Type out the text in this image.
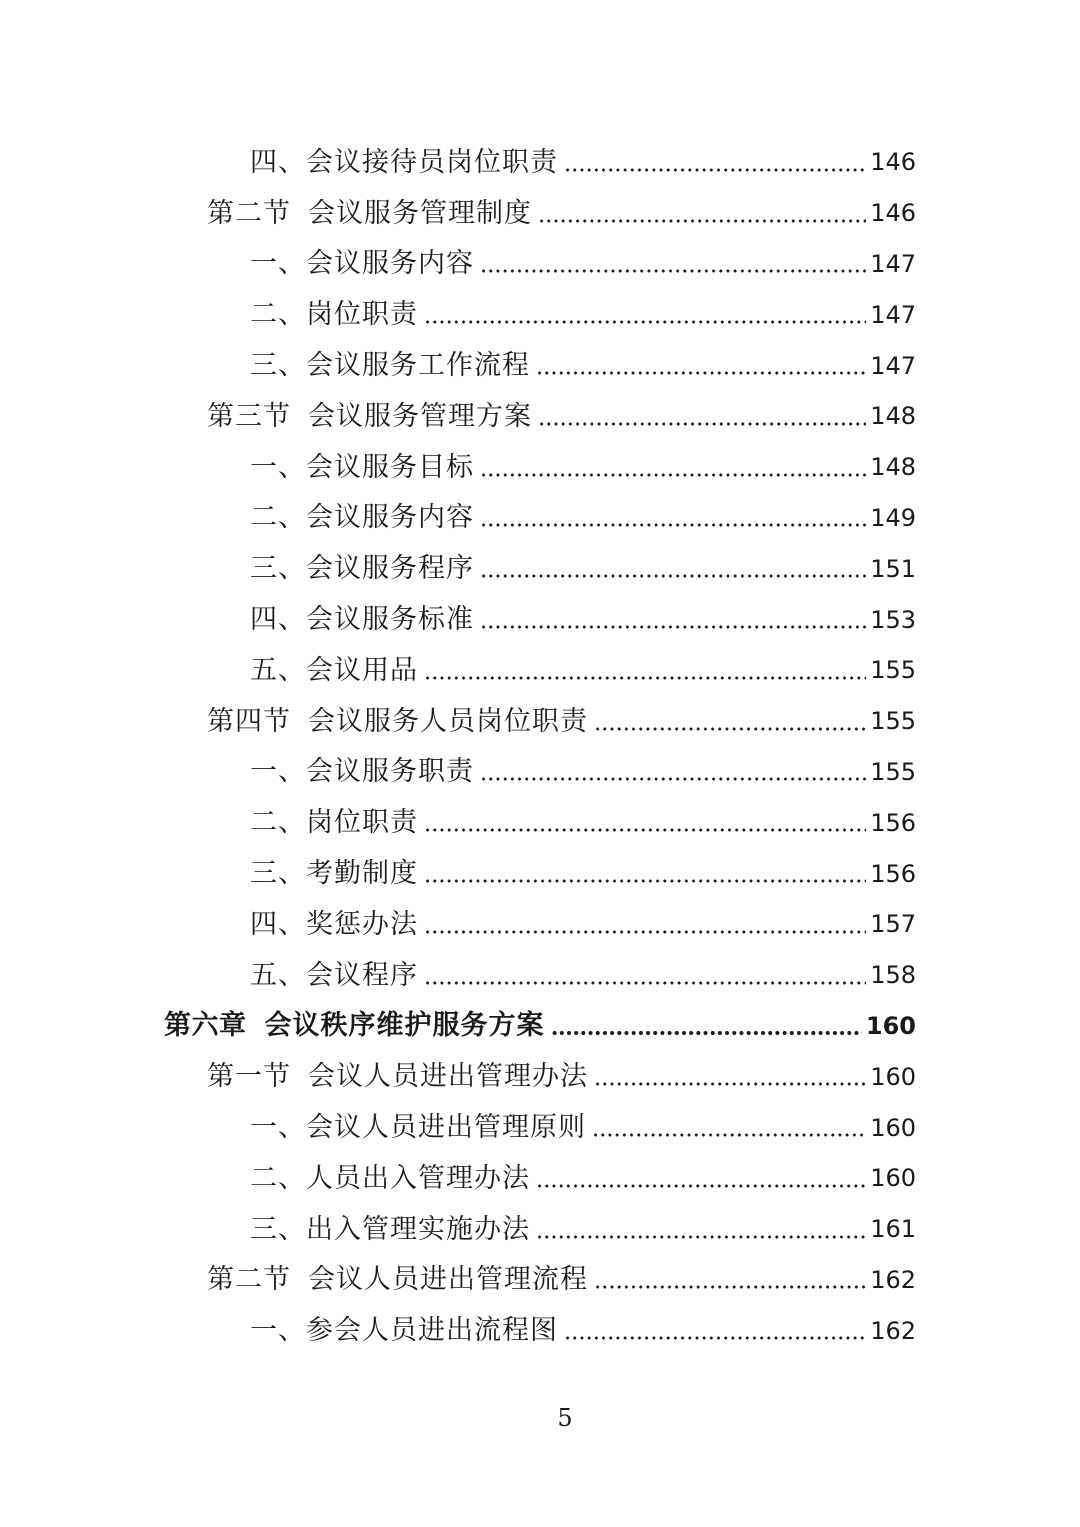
四、 会议接待员岗位职责	146
第二节 会议服务管理制度	146
一、 会议服务内容	147
二、 岗位职责	147
三、 会议服务工作流程	147
第三节 会议服务管理方案	148
一、 会议服务目标	148
二、 会议服务内容	149
三、 会议服务程序	151
四、 会议服务标准	153
五、 会议用品	155
第四节 会议服务人员岗位职责	155
一、 会议服务职责	155
二、 岗位职责	156
三、 考勤制度	156
四、 奖惩办法	157
五、 会议程序	158
第六章 会议秩序维护服务方案	160
第一节 会议人员进出管理办法	160
一、 会议人员进出管理原则	160
二、 人员出入管理办法	160
三、 出入管理实施办法	161
第二节 会议人员进出管理流程	162
一、 参会人员进出流程图	162
5
